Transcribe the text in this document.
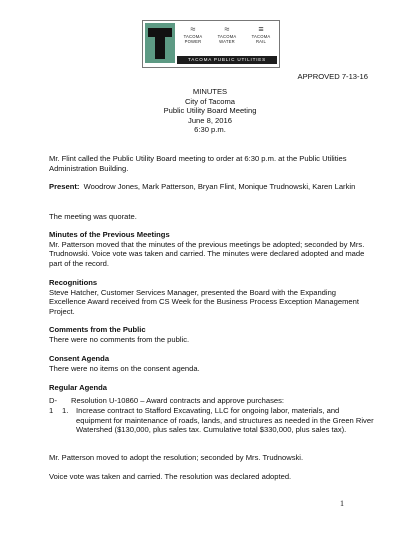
≈
TACOMA
POWER
≈
TACOMA
WATER
≡
TACOMA
RAIL
TACOMA PUBLIC UTILITIES
APPROVED 7-13-16
MINUTES
City of Tacoma
Public Utility Board Meeting
June 8, 2016
6:30 p.m.

Mr. Flint called the Public Utility Board meeting to order at 6:30 p.m. at the Public Utilities Administration Building.

Present: Woodrow Jones, Mark Patterson, Bryan Flint, Monique Trudnowski, Karen Larkin

The meeting was quorate.

Minutes of the Previous Meetings

Mr. Patterson moved that the minutes of the previous meetings be adopted; seconded by Mrs. Trudnowski. Voice vote was taken and carried. The minutes were declared adopted and made part of the record.

Recognitions

Steve Hatcher, Customer Services Manager, presented the Board with the Expanding Excellence Award received from CS Week for the Business Process Exception Management Project.

Comments from the Public

There were no comments from the public.

Consent Agenda

There were no items on the consent agenda.

Regular Agenda

D-1
Resolution U-10860 – Award contracts and approve purchases:
1. Increase contract to Stafford Excavating, LLC for ongoing labor, materials, and equipment for maintenance of roads, lands, and structures as needed in the Green River Watershed ($130,000, plus sales tax. Cumulative total $330,000, plus sales tax).

Mr. Patterson moved to adopt the resolution; seconded by Mrs. Trudnowski.

Voice vote was taken and carried. The resolution was declared adopted.

1
